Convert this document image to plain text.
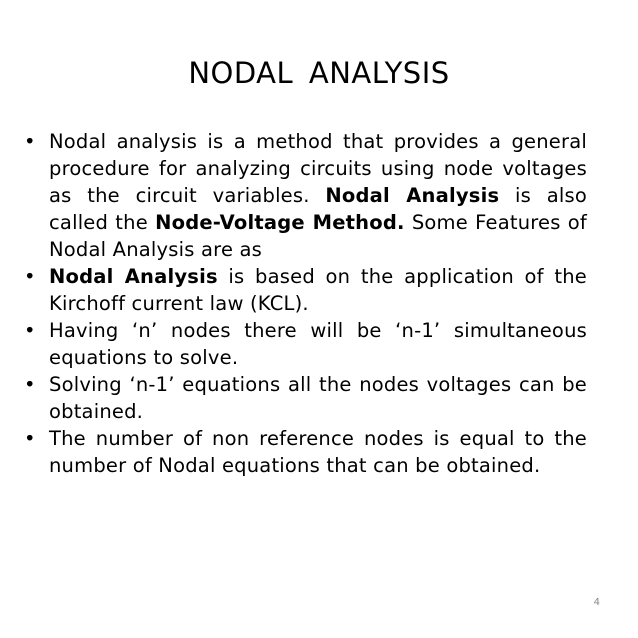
NODAL ANALYSIS
• Nodal analysis is a method that provides a general procedure for analyzing circuits using node voltages as the circuit variables. Nodal Analysis is also called the Node-Voltage Method. Some Features of Nodal Analysis are as
• Nodal Analysis is based on the application of the Kirchoff current law (KCL).
• Having ‘n’ nodes there will be ‘n-1’ simultaneous equations to solve.
• Solving ‘n-1’ equations all the nodes voltages can be obtained.
• The number of non reference nodes is equal to the number of Nodal equations that can be obtained.
4
